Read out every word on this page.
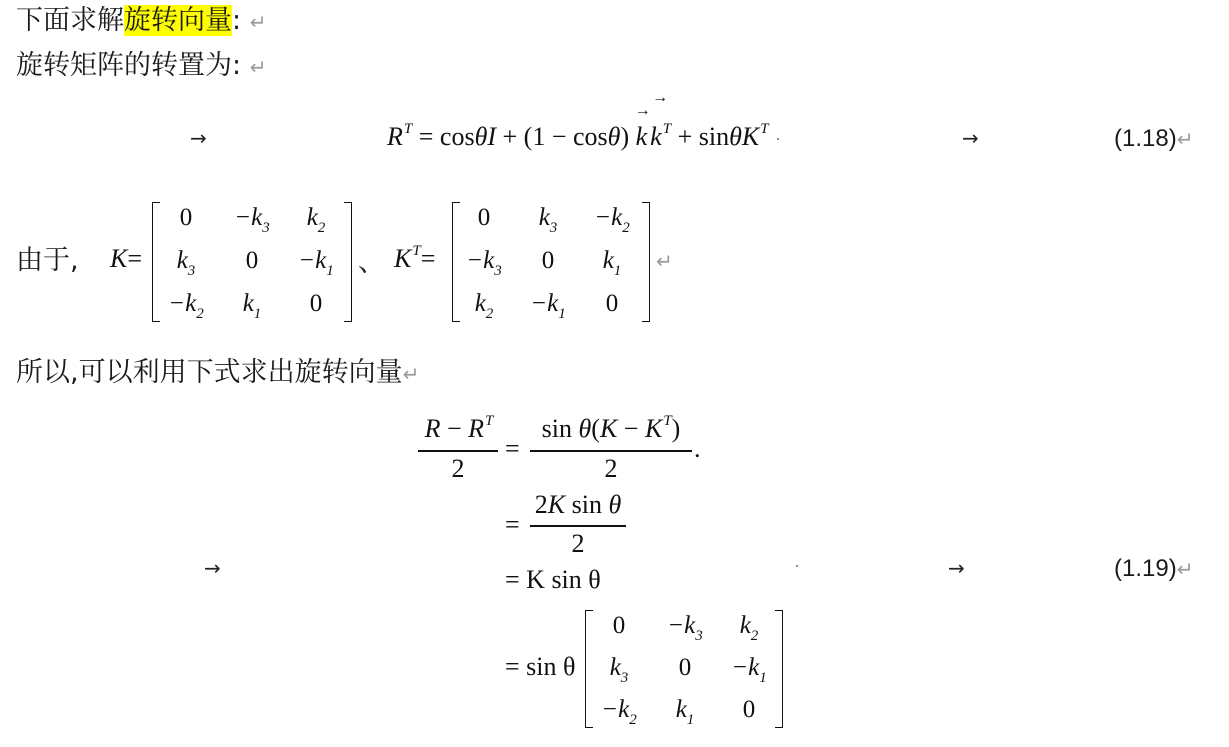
下面求解旋转向量: ↵
旋转矩阵的转置为: ↵
→	$R^T = \cos\theta I + (1 - \cos\theta)$ k
→
k
→
$^T$ + sinθK$^T$ ·	→	(1.18)↵
由于, K=
0	$-k_3$	$k_2$
$k_3$	0	$-k_1$
$-k_2$	$k_1$	0
、 $K^T=$
0	$k_3$	$-k_2$
$-k_3$	0	$k_1$
$k_2$	$-k_1$	0
↵
所以,可以利用下式求出旋转向量↵
$R - R^T$
2
=
$\sin \theta(K - K^T)$
2
.
=
2K sin θ
2
→	= K sin θ	·	→	(1.19)↵
= sin θ
0	$-k_3$	$k_2$
$k_3$	0	$-k_1$
$-k_2$	$k_1$	0
